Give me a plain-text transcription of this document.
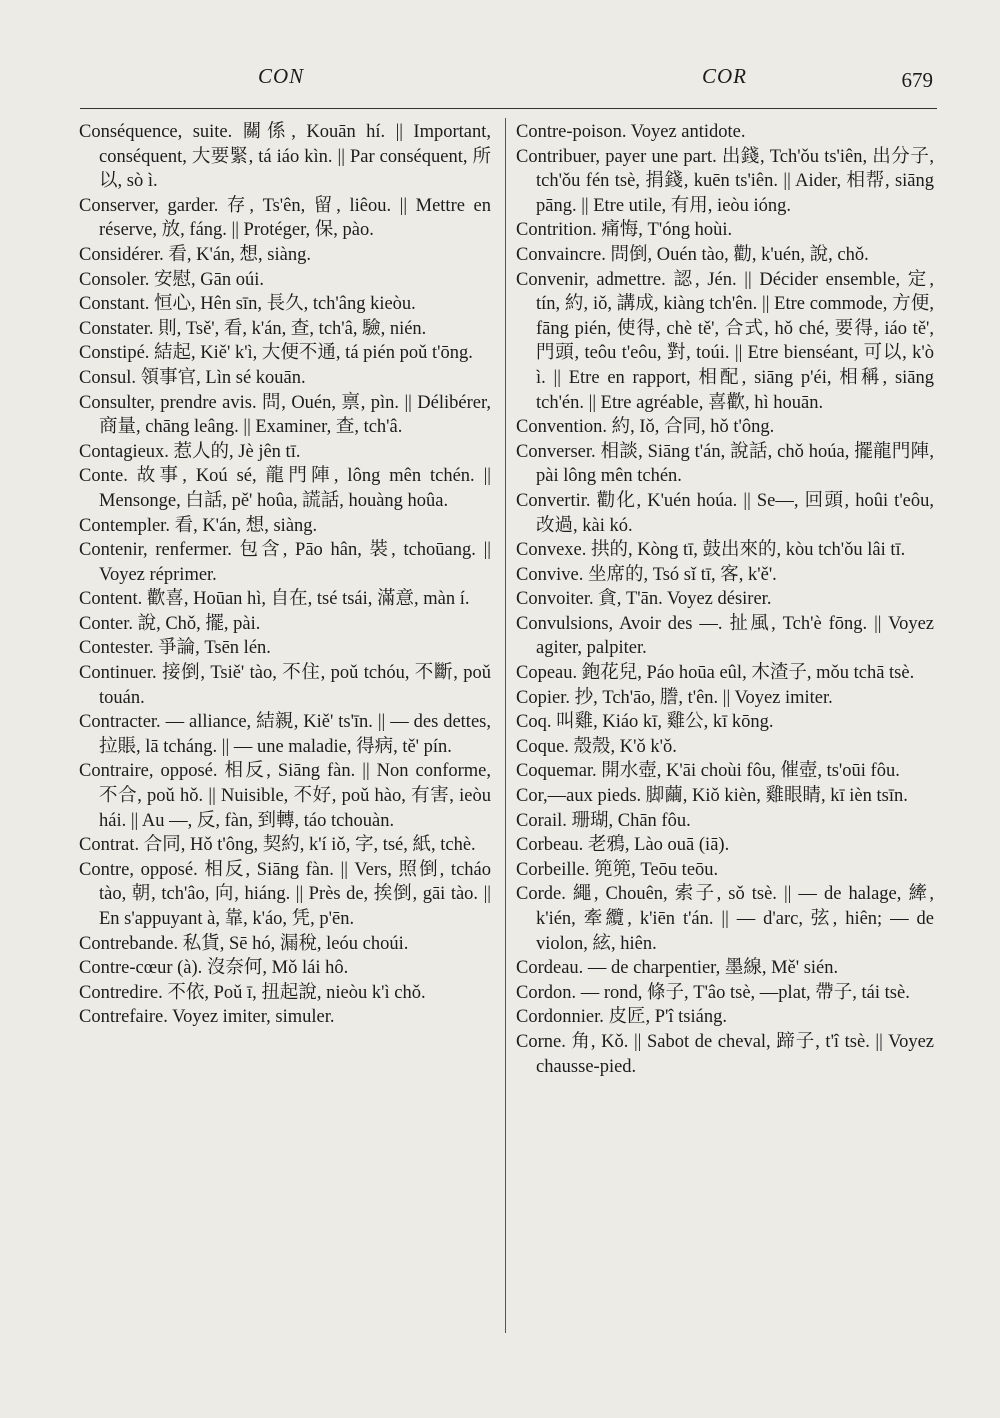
CON	COR	679

Conséquence, suite. 關係, Kouān hí. || Important, conséquent, 大要緊, tá iáo kìn. || Par conséquent, 所以, sò ì.

Conserver, garder. 存, Ts'ên, 留, liêou. || Mettre en réserve, 放, fáng. || Protéger, 保, pào.

Considérer. 看, K'án, 想, siàng.

Consoler. 安慰, Gān oúi.

Constant. 恒心, Hên sīn, 長久, tch'âng kieòu.

Constater. 則, Tsě', 看, k'án, 查, tch'â, 驗, nién.

Constipé. 結起, Kiě' k'ì, 大便不通, tá pién poǔ t'ōng.

Consul. 領事官, Lìn sé kouān.

Consulter, prendre avis. 問, Ouén, 禀, pìn. || Délibérer, 商量, chāng leâng. || Examiner, 查, tch'â.

Contagieux. 惹人的, Jè jên tī.

Conte. 故事, Koú sé, 龍門陣, lông mên tchén. || Mensonge, 白話, pě' hoûa, 謊話, houàng hoûa.

Contempler. 看, K'án, 想, siàng.

Contenir, renfermer. 包含, Pāo hân, 裝, tchoūang. || Voyez réprimer.

Content. 歡喜, Hoūan hì, 自在, tsé tsái, 滿意, màn í.

Conter. 說, Chǒ, 擺, pài.

Contester. 爭論, Tsēn lén.

Continuer. 接倒, Tsiě' tào, 不住, poǔ tchóu, 不斷, poǔ touán.

Contracter. — alliance, 結親, Kiě' ts'īn. || — des dettes, 拉賬, lā tcháng. || — une maladie, 得病, tě' pín.

Contraire, opposé. 相反, Siāng fàn. || Non conforme, 不合, poǔ hǒ. || Nuisible, 不好, poǔ hào, 有害, ieòu hái. || Au —, 反, fàn, 到轉, táo tchouàn.

Contrat. 合同, Hǒ t'ông, 契約, k'í iǒ, 字, tsé, 紙, tchè.

Contre, opposé. 相反, Siāng fàn. || Vers, 照倒, tcháo tào, 朝, tch'âo, 向, hiáng. || Près de, 挨倒, gāi tào. || En s'appuyant à, 靠, k'áo, 凭, p'ēn.

Contrebande. 私貨, Sē hó, 漏稅, leóu choúi.

Contre-cœur (à). 沒奈何, Mǒ lái hô.

Contredire. 不依, Poǔ ī, 扭起說, nieòu k'ì chǒ.

Contrefaire. Voyez imiter, simuler.

Contre-poison. Voyez antidote.

Contribuer, payer une part. 出錢, Tch'ǒu ts'iên, 出分子, tch'ǒu fén tsè, 捐錢, kuēn ts'iên. || Aider, 相帮, siāng pāng. || Etre utile, 有用, ieòu ióng.

Contrition. 痛悔, T'óng hoùi.

Convaincre. 問倒, Ouén tào, 勸, k'uén, 說, chǒ.

Convenir, admettre. 認, Jén. || Décider ensemble, 定, tín, 約, iǒ, 講成, kiàng tch'ên. || Etre commode, 方便, fāng pién, 使得, chè tě', 合式, hǒ ché, 要得, iáo tě', 門頭, teôu t'eôu, 對, toúi. || Etre bienséant, 可以, k'ò ì. || Etre en rapport, 相配, siāng p'éi, 相稱, siāng tch'én. || Etre agréable, 喜歡, hì houān.

Convention. 約, Iǒ, 合同, hǒ t'ông.

Converser. 相談, Siāng t'án, 說話, chǒ hoúa, 擺龍門陣, pài lông mên tchén.

Convertir. 勸化, K'uén hoúa. || Se—, 回頭, hoûi t'eôu, 改過, kài kó.

Convexe. 拱的, Kòng tī, 鼓出來的, kòu tch'ǒu lâi tī.

Convive. 坐席的, Tsó sǐ tī, 客, k'ě'.

Convoiter. 貪, T'ān. Voyez désirer.

Convulsions, Avoir des —. 扯風, Tch'è fōng. || Voyez agiter, palpiter.

Copeau. 鉋花兒, Páo hoūa eûl, 木渣子, mǒu tchā tsè.

Copier. 抄, Tch'āo, 謄, t'ên. || Voyez imiter.

Coq. 叫雞, Kiáo kī, 雞公, kī kōng.

Coque. 殼殼, K'ǒ k'ǒ.

Coquemar. 開水壺, K'āi choùi fôu, 催壺, ts'oūi fôu.

Cor,—aux pieds. 脚繭, Kiǒ kièn, 雞眼睛, kī ièn tsīn.

Corail. 珊瑚, Chān fôu.

Corbeau. 老鴉, Lào ouā (iā).

Corbeille. 篼篼, Teōu teōu.

Corde. 繩, Chouên, 索子, sǒ tsè. || — de halage, 縴, k'ién, 牽纜, k'iēn t'án. || — d'arc, 弦, hiên; — de violon, 絃, hiên.

Cordeau. — de charpentier, 墨線, Mě' sién.

Cordon. — rond, 條子, T'âo tsè, —plat, 帶子, tái tsè.

Cordonnier. 皮匠, P'î tsiáng.

Corne. 角, Kǒ. || Sabot de cheval, 蹄子, t'î tsè. || Voyez chausse-pied.
